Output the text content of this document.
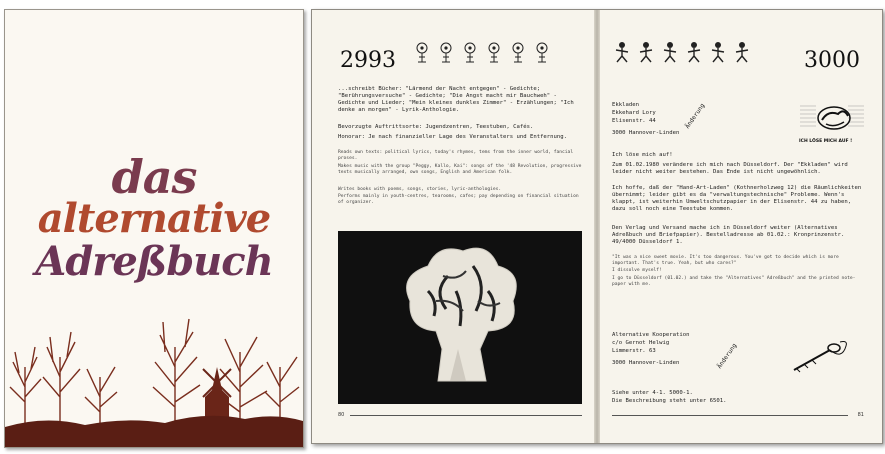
das
alternative
Adreßbuch
2993
...schreibt Bücher: "Lärmend der Nacht entgegen" - Gedichte; "Berührungsversuche" - Gedichte; "Die Angst macht mir Bauchweh" - Gedichte und Lieder; "Mein kleines dunkles Zimmer" - Erzählungen; "Ich denke an morgen" - Lyrik-Anthologie.
Bevorzugte Auftrittsorte: Jugendzentren, Teestuben, Cafés.
Honorar: Je nach finanzieller Lage des Veranstalters und Entfernung.
Reads own texts: political lyrics, today's rhymes, tems from the inner world, fancial proses.
Makes music with the group "Peggy, Kallo, Kai": songs of the '48 Revolution, progressive texts musically arranged, own songs, English and American folk.
Writes books with poems, songs, stories, lyric-anthologies.
Performs mainly in youth-centres, tearooms, cafes; pay depending on financial situation of organizer.
80
3000
Ekkladen
Ekkehard Lory
Elisenstr. 44
3000 Hannover-Linden
Änderung
ICH LÖSE MICH AUF !
Ich löse mich auf!
Zum 01.02.1980 verändere ich mich nach Düsseldorf. Der "Ekkladen" wird leider nicht weiter bestehen. Das Ende ist nicht ungewöhnlich.
Ich hoffe, daß der "Hand-Art-Laden" (Kothnerholzweg 12) die Räumlichkeiten übernimmt; leider gibt es da "verwaltungstechnische" Probleme. Wenn's klappt, ist weiterhin Umweltschutzpapier in der Elisenstr. 44 zu haben, dazu soll noch eine Teestube kommen.
Den Verlag und Versand mache ich in Düsseldorf weiter (Alternatives Adreßbuch und Briefpapier). Bestelladresse ab 01.02.: Kronprinzenstr. 49/4000 Düsseldorf 1.
"It was a nice sweet movie. It's too dangerous. You've got to decide which is more important. That's true. Yeah, but who cares?"
I dissolve myself!
I go to Düsseldorf (01.02.) and take the "Alternatives" Adreßbuch" and the printed note-paper with me.
Alternative Kooperation
c/o Gernot Helwig
Limmerstr. 63
3000 Hannover-Linden	Änderung
Siehe unter 4-1. 5000-1.
Die Beschreibung steht unter 6501.
81
